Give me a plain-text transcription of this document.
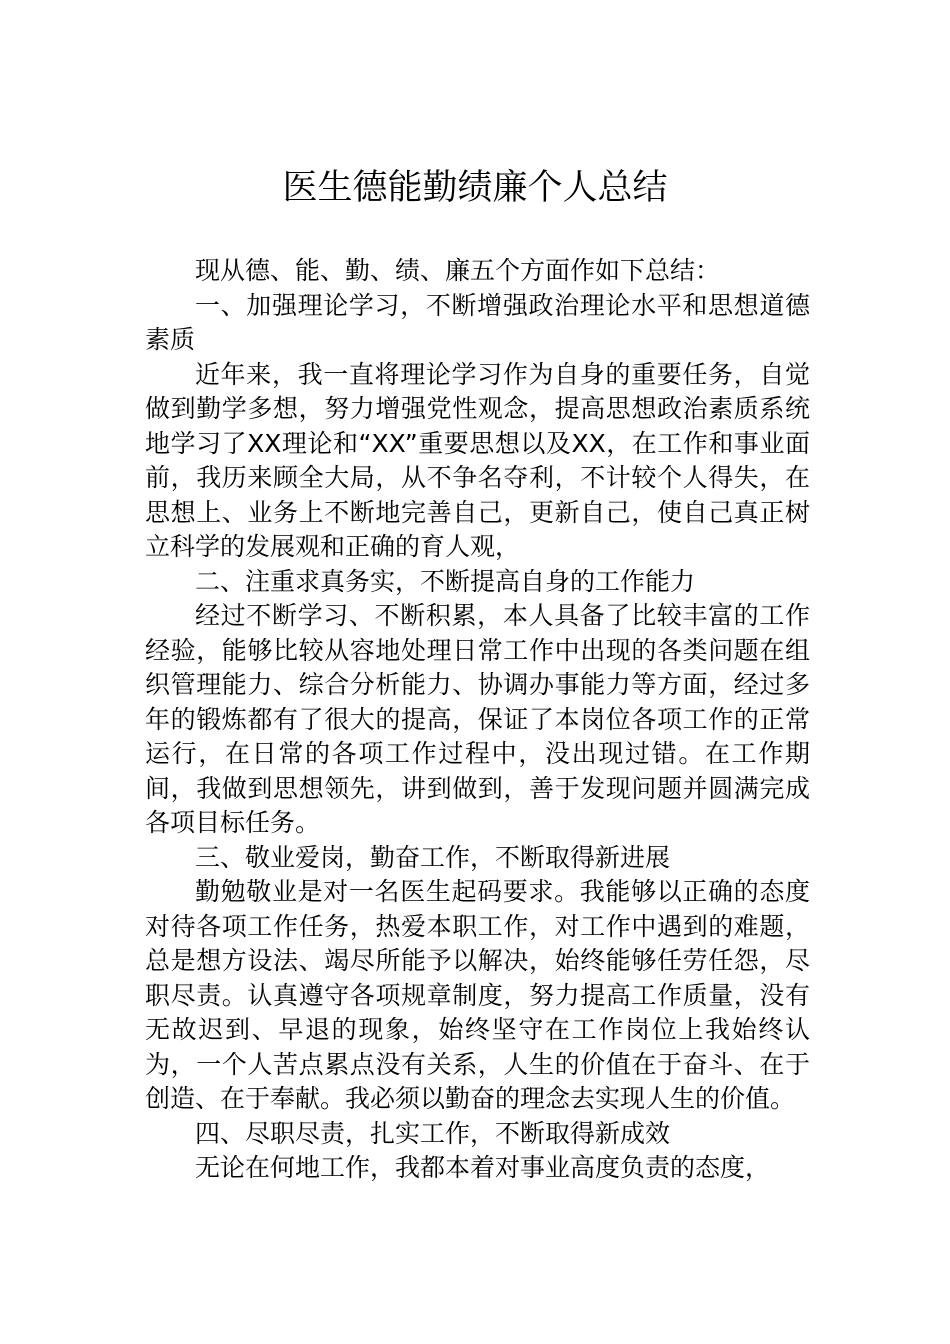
医生德能勤绩廉个人总结

现从德、能、勤、绩、廉五个方面作如下总结：

一、加强理论学习，不断增强政治理论水平和思想道德素质

近年来，我一直将理论学习作为自身的重要任务，自觉做到勤学多想，努力增强党性观念，提高思想政治素质系统地学习了XX理论和“XX”重要思想以及XX，在工作和事业面前，我历来顾全大局，从不争名夺利，不计较个人得失，在思想上、业务上不断地完善自己，更新自己，使自己真正树立科学的发展观和正确的育人观，

二、注重求真务实，不断提高自身的工作能力

经过不断学习、不断积累，本人具备了比较丰富的工作经验，能够比较从容地处理日常工作中出现的各类问题在组织管理能力、综合分析能力、协调办事能力等方面，经过多年的锻炼都有了很大的提高，保证了本岗位各项工作的正常运行，在日常的各项工作过程中，没出现过错。在工作期间，我做到思想领先，讲到做到，善于发现问题并圆满完成各项目标任务。

三、敬业爱岗，勤奋工作，不断取得新进展

勤勉敬业是对一名医生起码要求。我能够以正确的态度对待各项工作任务，热爱本职工作，对工作中遇到的难题，总是想方设法、竭尽所能予以解决，始终能够任劳任怨，尽职尽责。认真遵守各项规章制度，努力提高工作质量，没有无故迟到、早退的现象，始终坚守在工作岗位上我始终认为，一个人苦点累点没有关系，人生的价值在于奋斗、在于创造、在于奉献。我必须以勤奋的理念去实现人生的价值。

四、尽职尽责，扎实工作，不断取得新成效

无论在何地工作，我都本着对事业高度负责的态度，
